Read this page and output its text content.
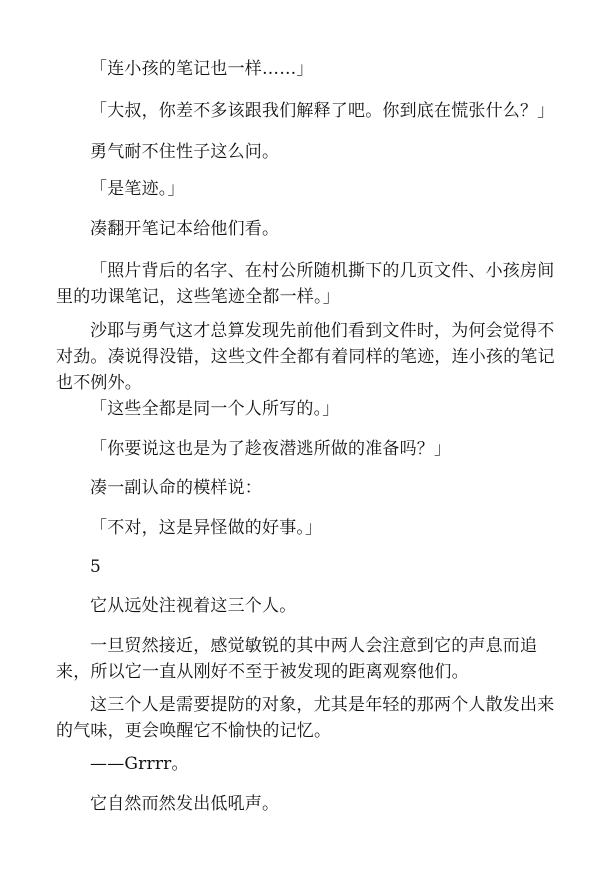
「连小孩的笔记也一样……」

「大叔，你差不多该跟我们解释了吧。你到底在慌张什么？」

勇气耐不住性子这么问。

「是笔迹。」

凑翻开笔记本给他们看。

「照片背后的名字、在村公所随机撕下的几页文件、小孩房间里的功课笔记，这些笔迹全都一样。」

沙耶与勇气这才总算发现先前他们看到文件时，为何会觉得不对劲。凑说得没错，这些文件全都有着同样的笔迹，连小孩的笔记也不例外。

「这些全都是同一个人所写的。」

「你要说这也是为了趁夜潜逃所做的准备吗？」

凑一副认命的模样说：

「不对，这是异怪做的好事。」

5

它从远处注视着这三个人。

一旦贸然接近，感觉敏锐的其中两人会注意到它的声息而追来，所以它一直从刚好不至于被发现的距离观察他们。

这三个人是需要提防的对象，尤其是年轻的那两个人散发出来的气味，更会唤醒它不愉快的记忆。

——Grrrr。

它自然而然发出低吼声。
